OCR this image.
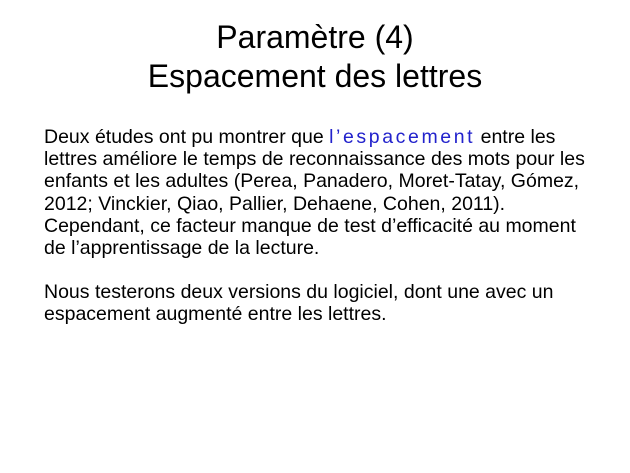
Paramètre (4)
Espacement des lettres

Deux études ont pu montrer que l’espacement entre les lettres améliore le temps de reconnaissance des mots pour les enfants et les adultes (Perea, Panadero, Moret-Tatay, Gómez, 2012; Vinckier, Qiao, Pallier, Dehaene, Cohen, 2011). Cependant, ce facteur manque de test d’efficacité au moment de l’apprentissage de la lecture.

Nous testerons deux versions du logiciel, dont une avec un espacement augmenté entre les lettres.
